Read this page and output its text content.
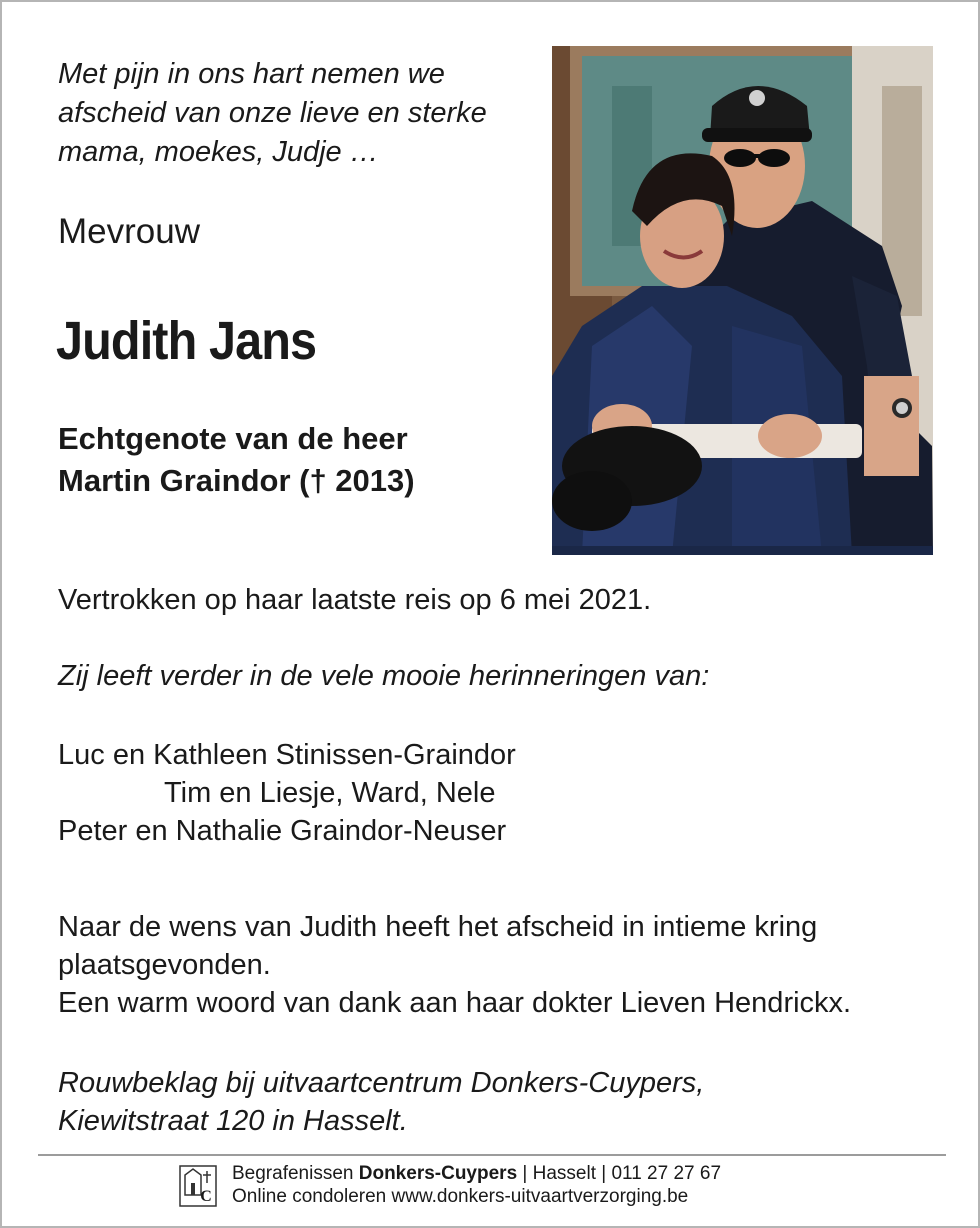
Met pijn in ons hart nemen we
afscheid van onze lieve en sterke
mama, moekes, Judje …
Mevrouw
Judith Jans
Echtgenote van de heer
Martin Graindor († 2013)
Vertrokken op haar laatste reis op 6 mei 2021.
Zij leeft verder in de vele mooie herinneringen van:
Luc en Kathleen Stinissen-Graindor
Tim en Liesje, Ward, Nele
Peter en Nathalie Graindor-Neuser
Naar de wens van Judith heeft het afscheid in intieme kring
plaatsgevonden.
Een warm woord van dank aan haar dokter Lieven Hendrickx.
Rouwbeklag bij uitvaartcentrum Donkers-Cuypers,
Kiewitstraat 120 in Hasselt.
C
Begrafenissen Donkers-Cuypers | Hasselt | 011 27 27 67
Online condoleren www.donkers-uitvaartverzorging.be
